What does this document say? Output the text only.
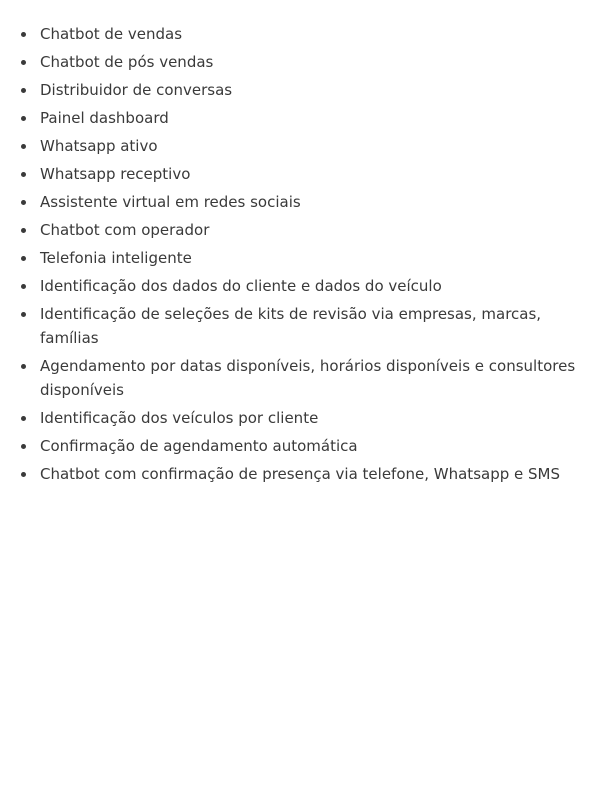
Chatbot de vendas
Chatbot de pós vendas
Distribuidor de conversas
Painel dashboard
Whatsapp ativo
Whatsapp receptivo
Assistente virtual em redes sociais
Chatbot com operador
Telefonia inteligente
Identificação dos dados do cliente e dados do veículo
Identificação de seleções de kits de revisão via empresas, marcas, famílias
Agendamento por datas disponíveis, horários disponíveis e consultores disponíveis
Identificação dos veículos por cliente
Confirmação de agendamento automática
Chatbot com confirmação de presença via telefone, Whatsapp e SMS
